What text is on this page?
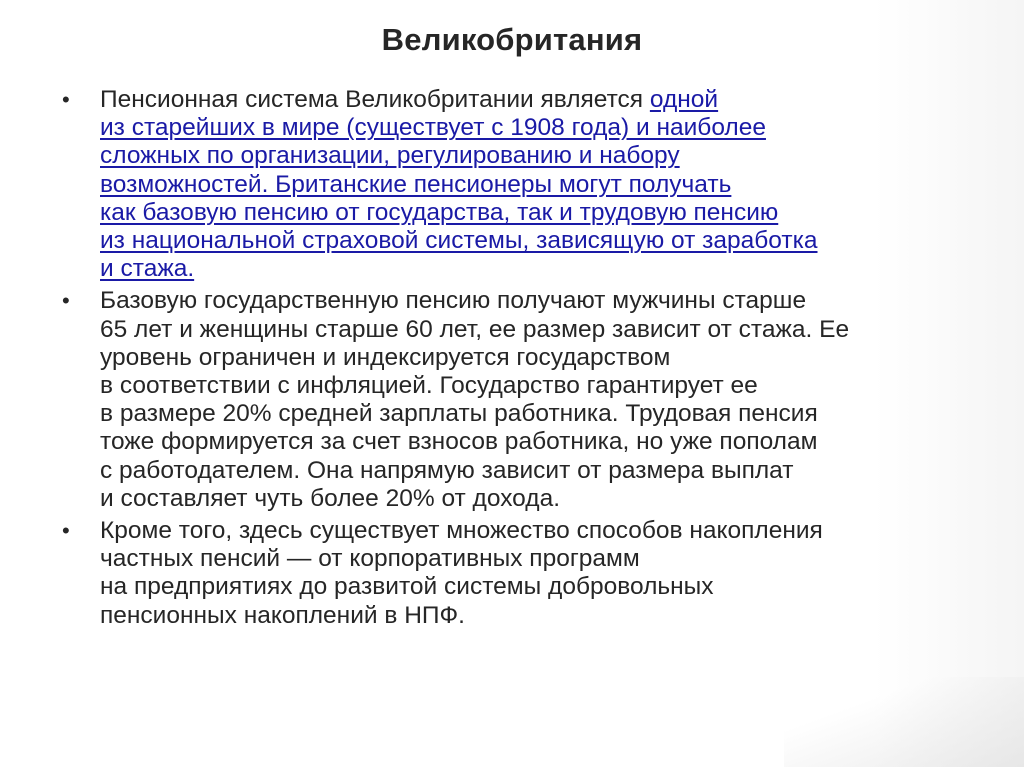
Великобритания
• Пенсионная система Великобритании является одной
из старейших в мире (существует с 1908 года) и наиболее
сложных по организации, регулированию и набору
возможностей. Британские пенсионеры могут получать
как базовую пенсию от государства, так и трудовую пенсию
из национальной страховой системы, зависящую от заработка
и стажа.
• Базовую государственную пенсию получают мужчины старше
65 лет и женщины старше 60 лет, ее размер зависит от стажа. Ее
уровень ограничен и индексируется государством
в соответствии с инфляцией. Государство гарантирует ее
в размере 20% средней зарплаты работника. Трудовая пенсия
тоже формируется за счет взносов работника, но уже пополам
с работодателем. Она напрямую зависит от размера выплат
и составляет чуть более 20% от дохода.
• Кроме того, здесь существует множество способов накопления
частных пенсий — от корпоративных программ
на предприятиях до развитой системы добровольных
пенсионных накоплений в НПФ.
